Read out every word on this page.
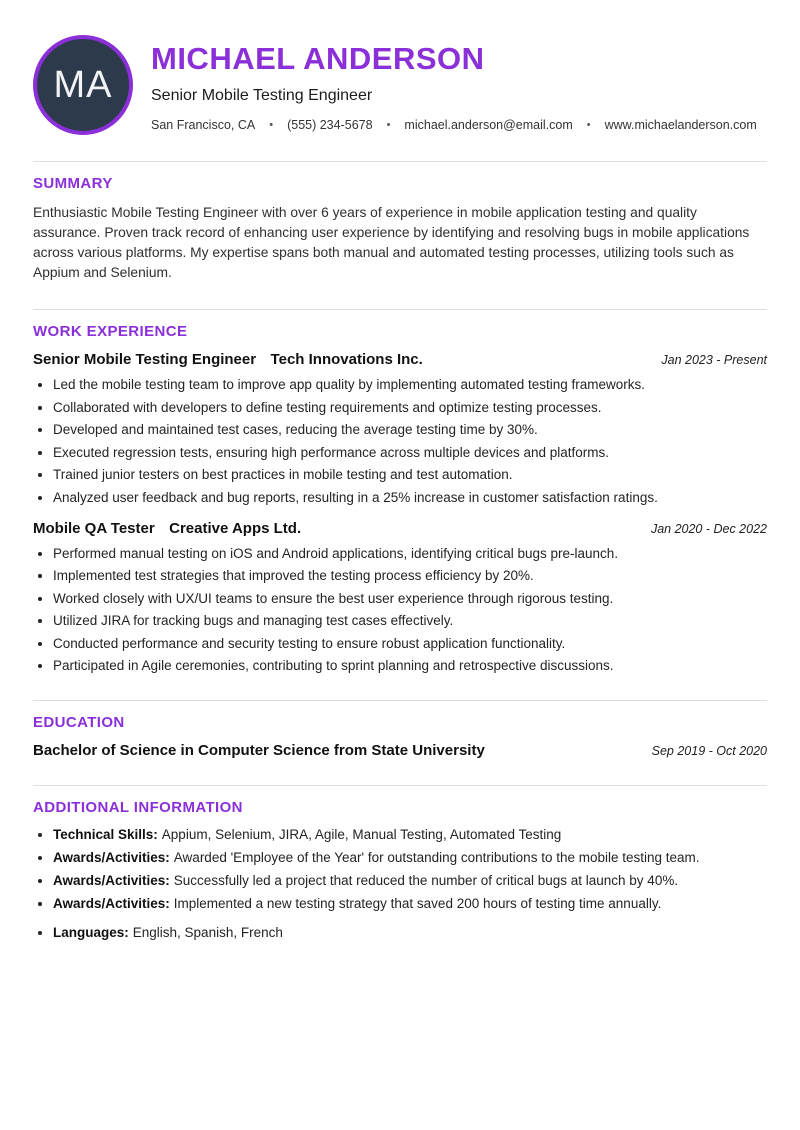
MA
MICHAEL ANDERSON
Senior Mobile Testing Engineer
San Francisco, CA • (555) 234-5678 • michael.anderson@email.com • www.michaelanderson.com
SUMMARY

Enthusiastic Mobile Testing Engineer with over 6 years of experience in mobile application testing and quality assurance. Proven track record of enhancing user experience by identifying and resolving bugs in mobile applications across various platforms. My expertise spans both manual and automated testing processes, utilizing tools such as Appium and Selenium.

WORK EXPERIENCE
Senior Mobile Testing Engineer Tech Innovations Inc.	Jan 2023 - Present
• Led the mobile testing team to improve app quality by implementing automated testing frameworks.
• Collaborated with developers to define testing requirements and optimize testing processes.
• Developed and maintained test cases, reducing the average testing time by 30%.
• Executed regression tests, ensuring high performance across multiple devices and platforms.
• Trained junior testers on best practices in mobile testing and test automation.
• Analyzed user feedback and bug reports, resulting in a 25% increase in customer satisfaction ratings.
Mobile QA Tester Creative Apps Ltd.	Jan 2020 - Dec 2022
• Performed manual testing on iOS and Android applications, identifying critical bugs pre-launch.
• Implemented test strategies that improved the testing process efficiency by 20%.
• Worked closely with UX/UI teams to ensure the best user experience through rigorous testing.
• Utilized JIRA for tracking bugs and managing test cases effectively.
• Conducted performance and security testing to ensure robust application functionality.
• Participated in Agile ceremonies, contributing to sprint planning and retrospective discussions.
EDUCATION
Bachelor of Science in Computer Science from State University	Sep 2019 - Oct 2020
ADDITIONAL INFORMATION
• Technical Skills: Appium, Selenium, JIRA, Agile, Manual Testing, Automated Testing
• Awards/Activities: Awarded 'Employee of the Year' for outstanding contributions to the mobile testing team.
• Awards/Activities: Successfully led a project that reduced the number of critical bugs at launch by 40%.
• Awards/Activities: Implemented a new testing strategy that saved 200 hours of testing time annually.
• Languages: English, Spanish, French
